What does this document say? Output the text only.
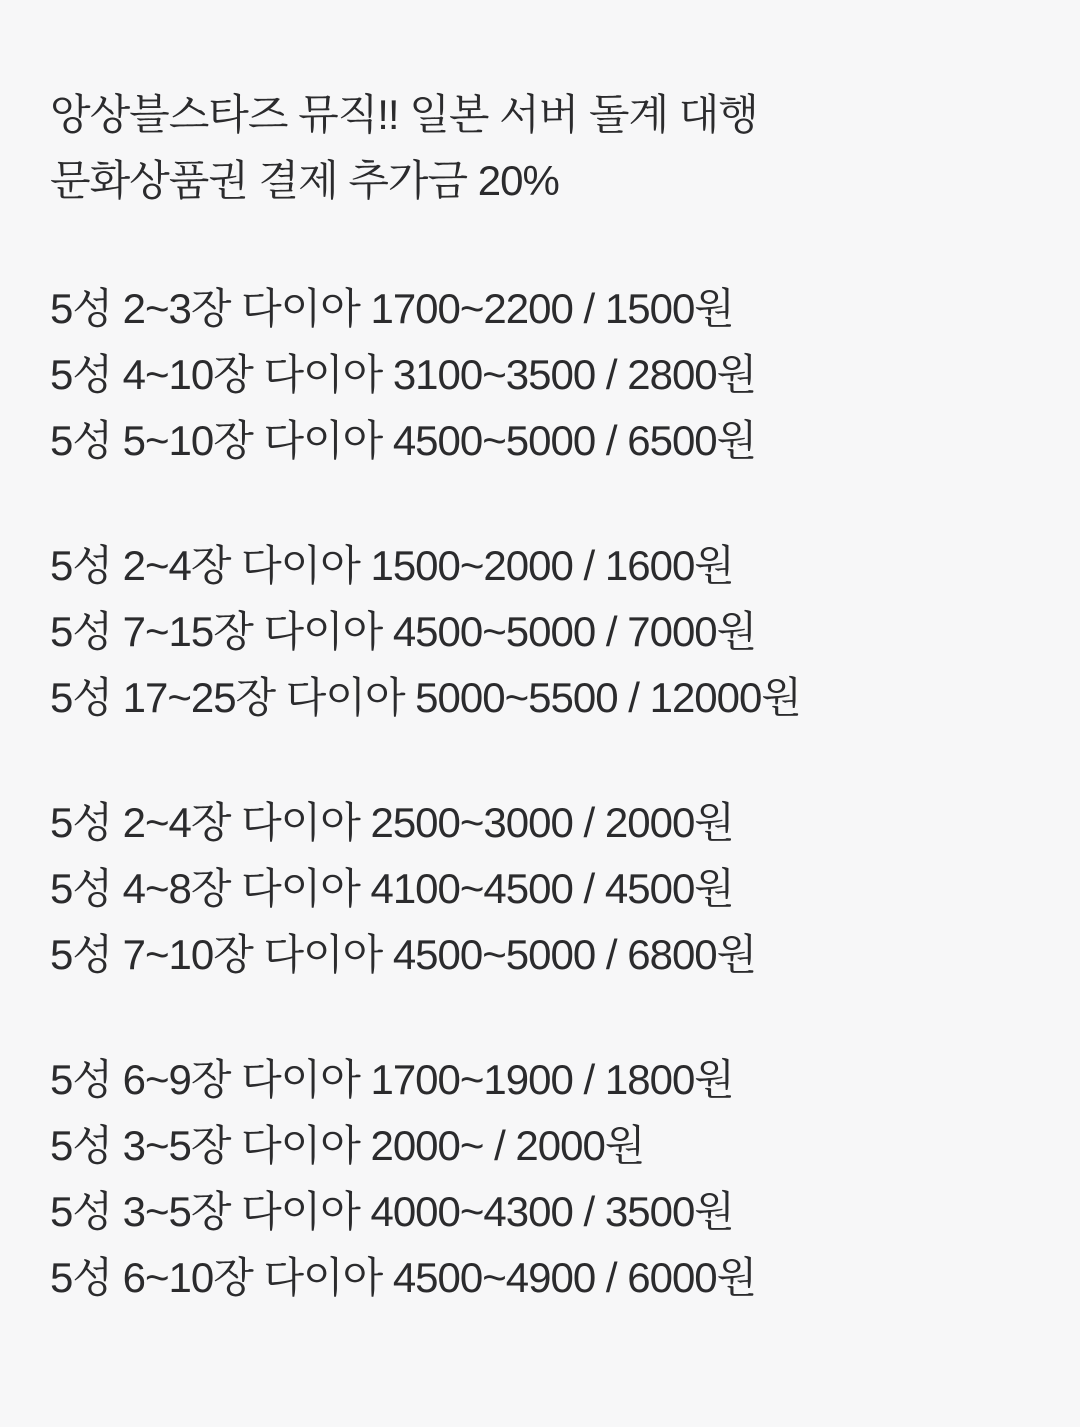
앙상블스타즈 뮤직!! 일본 서버 돌계 대행
문화상품권 결제 추가금 20%
5성 2~3장 다이아 1700~2200 / 1500원
5성 4~10장 다이아 3100~3500 / 2800원
5성 5~10장 다이아 4500~5000 / 6500원
5성 2~4장 다이아 1500~2000 / 1600원
5성 7~15장 다이아 4500~5000 / 7000원
5성 17~25장 다이아 5000~5500 / 12000원
5성 2~4장 다이아 2500~3000 / 2000원
5성 4~8장 다이아 4100~4500 / 4500원
5성 7~10장 다이아 4500~5000 / 6800원
5성 6~9장 다이아 1700~1900 / 1800원
5성 3~5장 다이아 2000~ / 2000원
5성 3~5장 다이아 4000~4300 / 3500원
5성 6~10장 다이아 4500~4900 / 6000원
